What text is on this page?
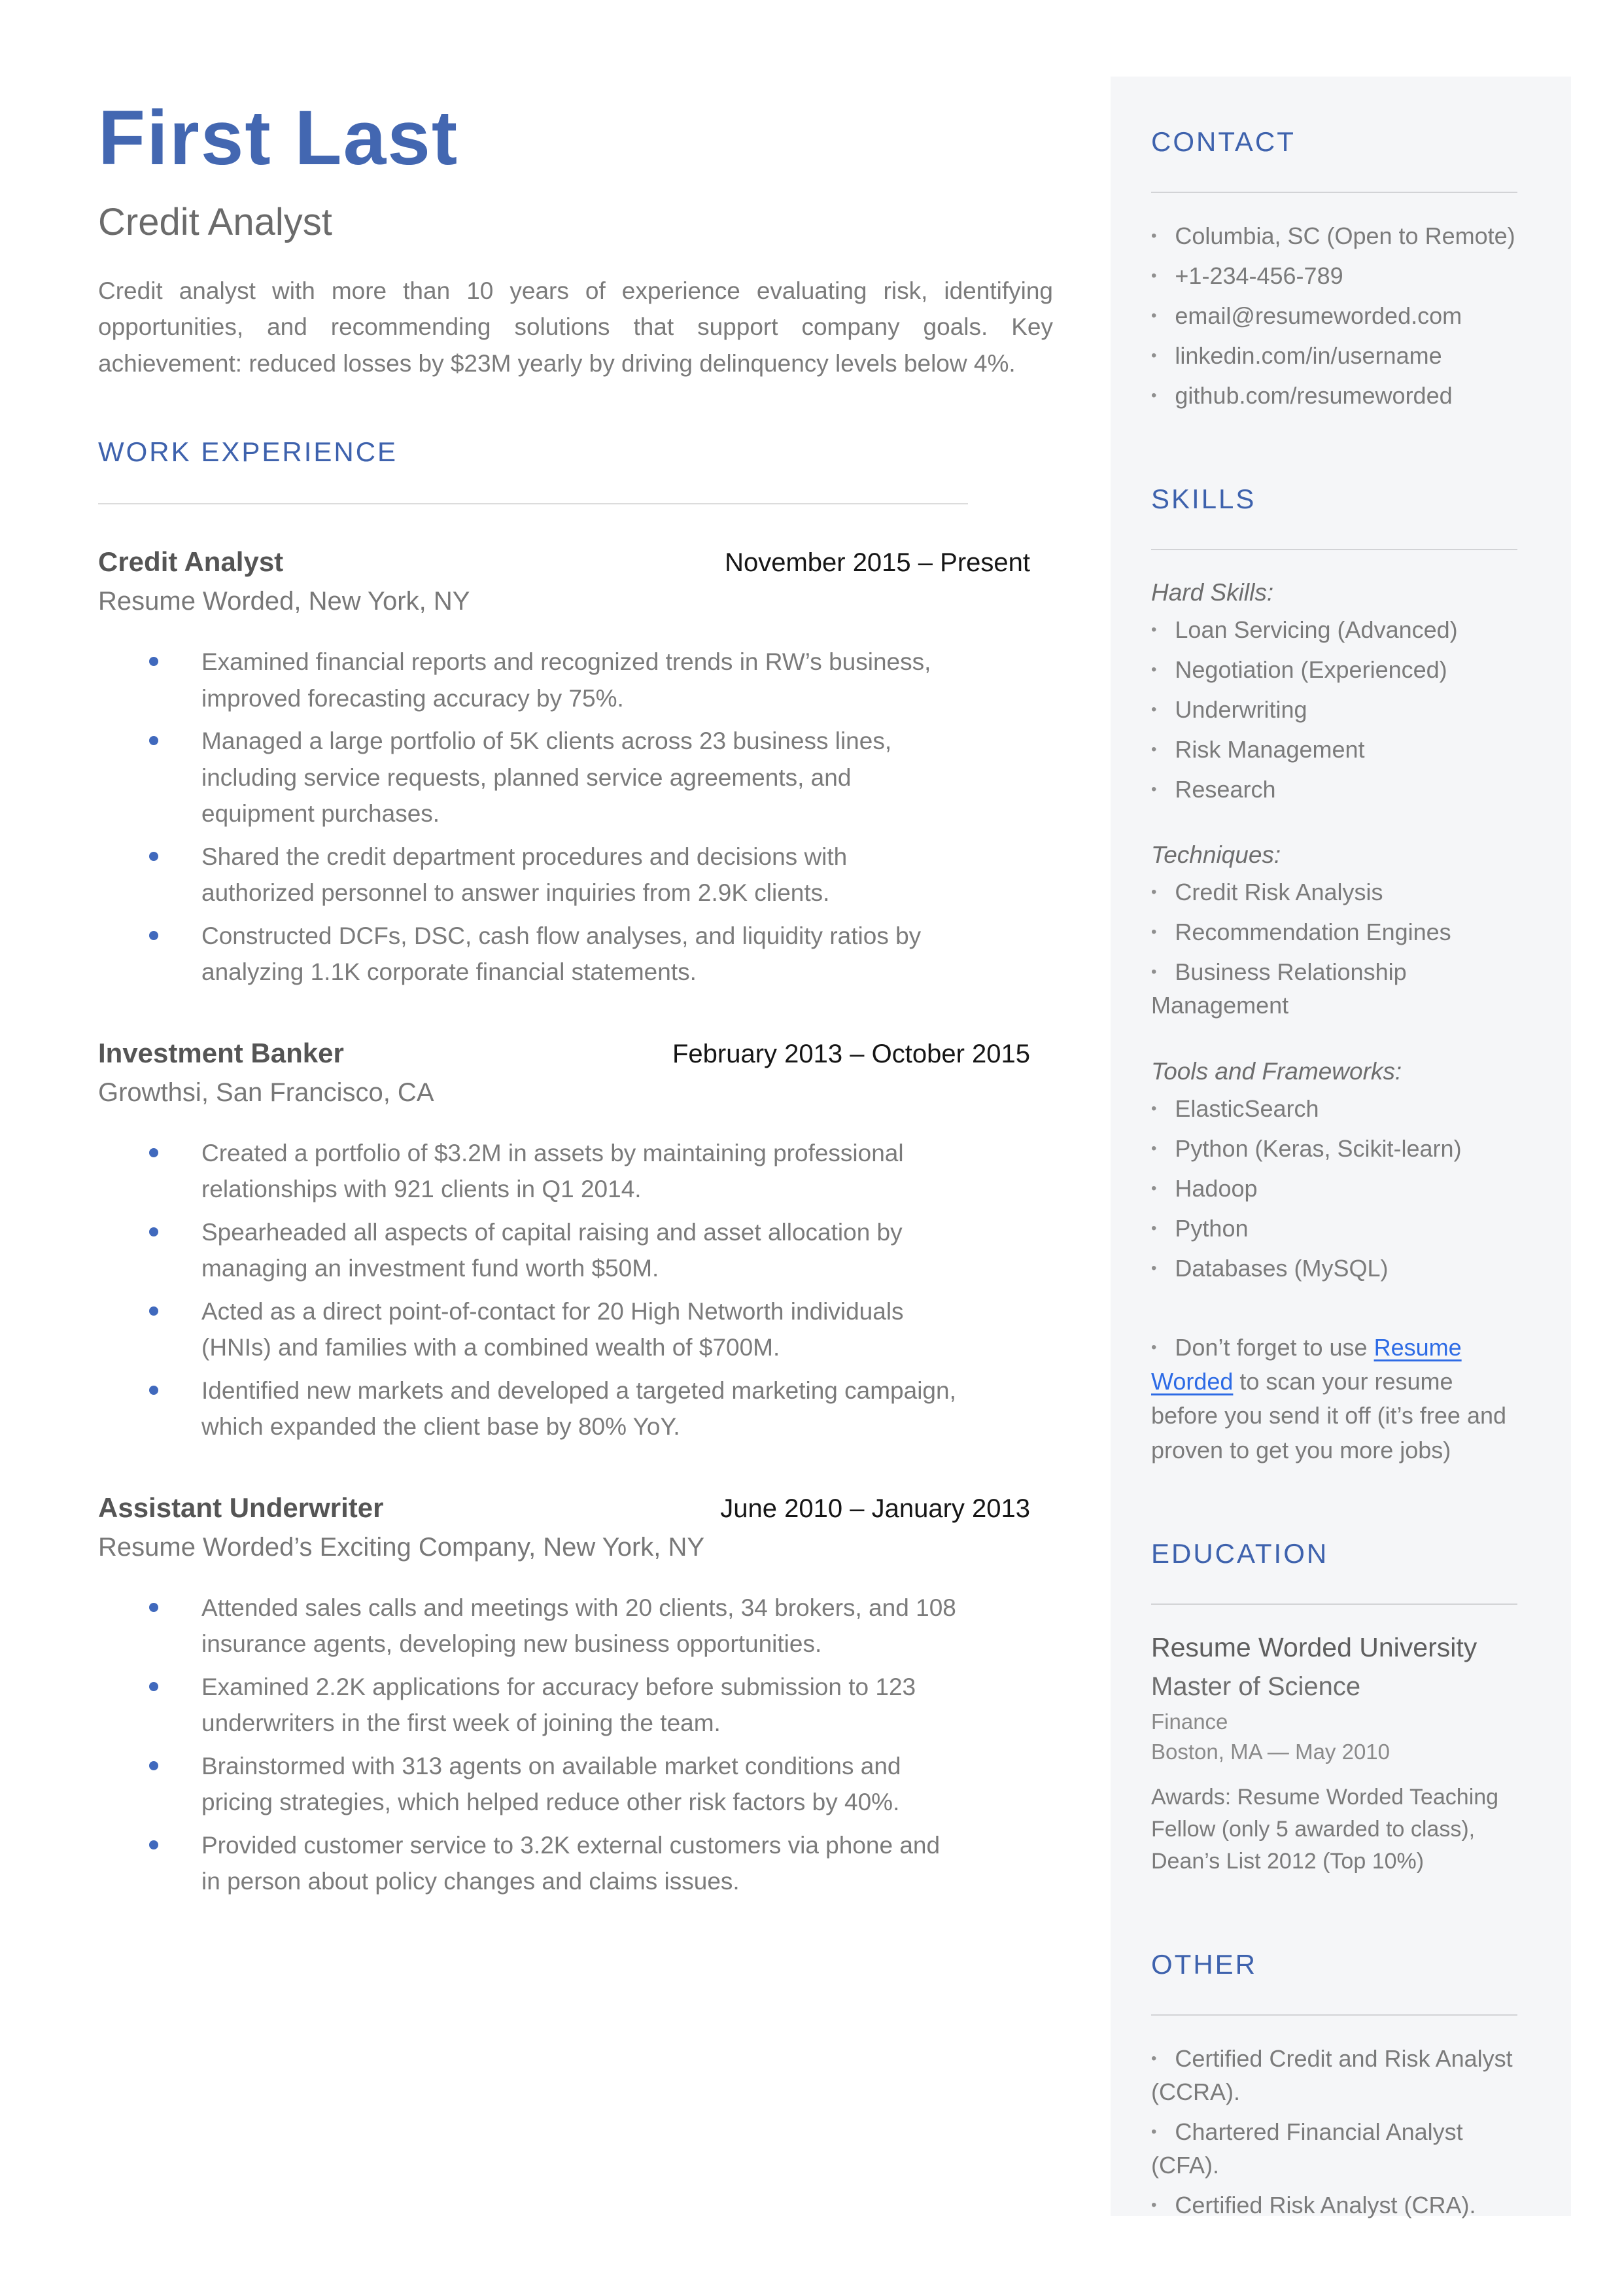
CONTACT
• Columbia, SC (Open to Remote)
• +1-234-456-789
• email@resumeworded.com
• linkedin.com/in/username
• github.com/resumeworded
SKILLS
Hard Skills:
• Loan Servicing (Advanced)
• Negotiation (Experienced)
• Underwriting
• Risk Management
• Research
Techniques:
• Credit Risk Analysis
• Recommendation Engines
• Business Relationship Management
Tools and Frameworks:
• ElasticSearch
• Python (Keras, Scikit-learn)
• Hadoop
• Python
• Databases (MySQL)
• Don’t forget to use Resume Worded to scan your resume before you send it off (it’s free and proven to get you more jobs)
EDUCATION
Resume Worded University
Master of Science
Finance
Boston, MA — May 2010
Awards: Resume Worded Teaching Fellow (only 5 awarded to class), Dean’s List 2012 (Top 10%)
OTHER
• Certified Credit and Risk Analyst (CCRA).
• Chartered Financial Analyst (CFA).
• Certified Risk Analyst (CRA).
First Last
Credit Analyst

Credit analyst with more than 10 years of experience evaluating risk, identifying opportunities, and recommending solutions that support company goals. Key achievement: reduced losses by $23M yearly by driving delinquency levels below 4%.

WORK EXPERIENCE
Credit Analyst	November 2015 – Present
Resume Worded, New York, NY
Examined financial reports and recognized trends in RW’s business, improved forecasting accuracy by 75%.
Managed a large portfolio of 5K clients across 23 business lines, including service requests, planned service agreements, and equipment purchases.
Shared the credit department procedures and decisions with authorized personnel to answer inquiries from 2.9K clients.
Constructed DCFs, DSC, cash flow analyses, and liquidity ratios by analyzing 1.1K corporate financial statements.
Investment Banker	February 2013 – October 2015
Growthsi, San Francisco, CA
Created a portfolio of $3.2M in assets by maintaining professional relationships with 921 clients in Q1 2014.
Spearheaded all aspects of capital raising and asset allocation by managing an investment fund worth $50M.
Acted as a direct point-of-contact for 20 High Networth individuals (HNIs) and families with a combined wealth of $700M.
Identified new markets and developed a targeted marketing campaign, which expanded the client base by 80% YoY.
Assistant Underwriter	June 2010 – January 2013
Resume Worded’s Exciting Company, New York, NY
Attended sales calls and meetings with 20 clients, 34 brokers, and 108 insurance agents, developing new business opportunities.
Examined 2.2K applications for accuracy before submission to 123 underwriters in the first week of joining the team.
Brainstormed with 313 agents on available market conditions and pricing strategies, which helped reduce other risk factors by 40%.
Provided customer service to 3.2K external customers via phone and in person about policy changes and claims issues.
